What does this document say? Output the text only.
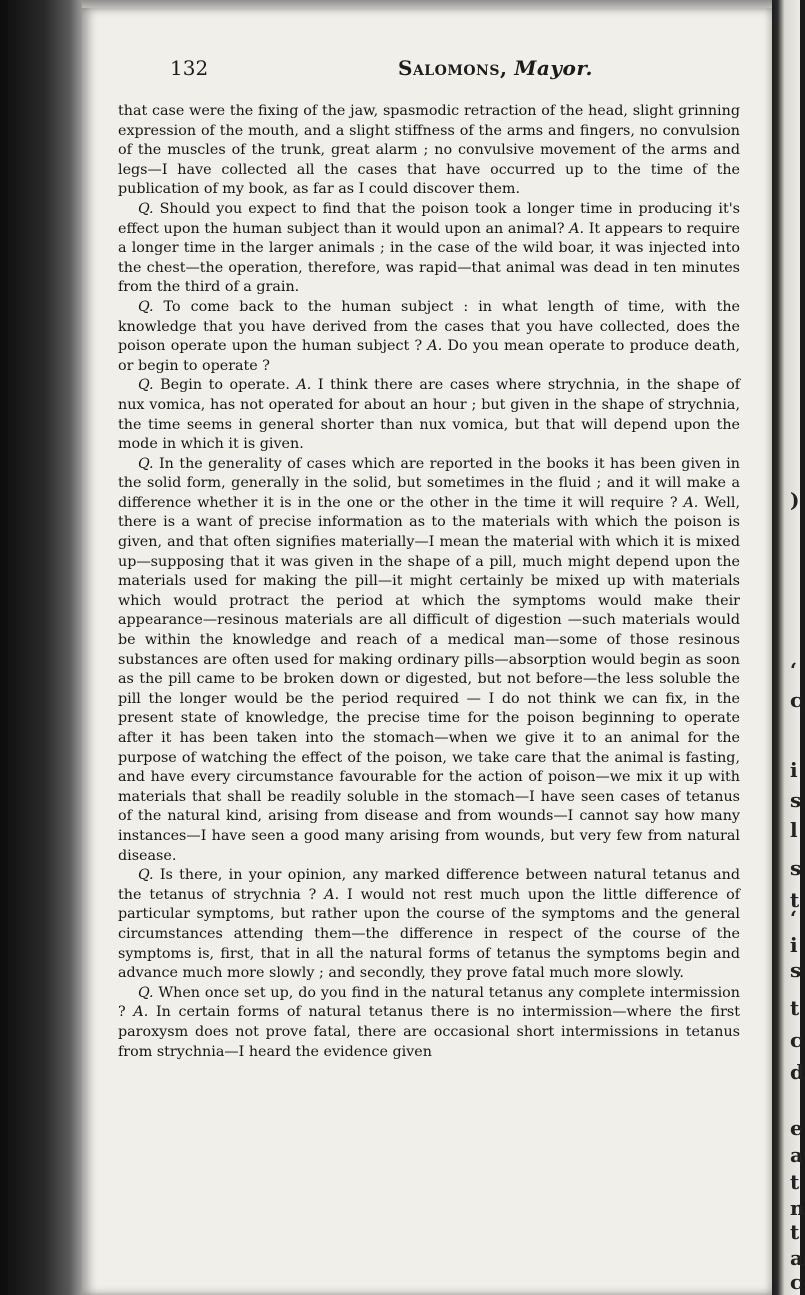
)
‘
c
i
s
l
s
t
‘
i
s
t
c
d
e
a
t
n
t
a
c
132	Salomons, Mayor.

that case were the fixing of the jaw, spasmodic retraction of the head, slight grinning expression of the mouth, and a slight stiffness of the arms and fingers, no convulsion of the muscles of the trunk, great alarm ; no convulsive movement of the arms and legs—I have collected all the cases that have occurred up to the time of the publication of my book, as far as I could discover them.

Q. Should you expect to find that the poison took a longer time in producing it's effect upon the human subject than it would upon an animal? A. It appears to require a longer time in the larger animals ; in the case of the wild boar, it was injected into the chest—the operation, therefore, was rapid—that animal was dead in ten minutes from the third of a grain.

Q. To come back to the human subject : in what length of time, with the knowledge that you have derived from the cases that you have collected, does the poison operate upon the human subject ? A. Do you mean operate to produce death, or begin to operate ?

Q. Begin to operate. A. I think there are cases where strychnia, in the shape of nux vomica, has not operated for about an hour ; but given in the shape of strychnia, the time seems in general shorter than nux vomica, but that will depend upon the mode in which it is given.

Q. In the generality of cases which are reported in the books it has been given in the solid form, generally in the solid, but sometimes in the fluid ; and it will make a difference whether it is in the one or the other in the time it will require ? A. Well, there is a want of precise information as to the materials with which the poison is given, and that often signifies materially—I mean the material with which it is mixed up—supposing that it was given in the shape of a pill, much might depend upon the materials used for making the pill—it might certainly be mixed up with materials which would protract the period at which the symptoms would make their appearance—resinous materials are all difficult of digestion —such materials would be within the knowledge and reach of a medical man—some of those resinous substances are often used for making ordinary pills—absorption would begin as soon as the pill came to be broken down or digested, but not before—the less soluble the pill the longer would be the period required — I do not think we can fix, in the present state of knowledge, the precise time for the poison beginning to operate after it has been taken into the stomach—when we give it to an animal for the purpose of watching the effect of the poison, we take care that the animal is fasting, and have every circumstance favourable for the action of poison—we mix it up with materials that shall be readily soluble in the stomach—I have seen cases of tetanus of the natural kind, arising from disease and from wounds—I cannot say how many instances—I have seen a good many arising from wounds, but very few from natural disease.

Q. Is there, in your opinion, any marked difference between natural tetanus and the tetanus of strychnia ? A. I would not rest much upon the little difference of particular symptoms, but rather upon the course of the symptoms and the general circumstances attending them—the difference in respect of the course of the symptoms is, first, that in all the natural forms of tetanus the symptoms begin and advance much more slowly ; and secondly, they prove fatal much more slowly.

Q. When once set up, do you find in the natural tetanus any complete intermission ? A. In certain forms of natural tetanus there is no intermission—where the first paroxysm does not prove fatal, there are occasional short intermissions in tetanus from strychnia—I heard the evidence given
